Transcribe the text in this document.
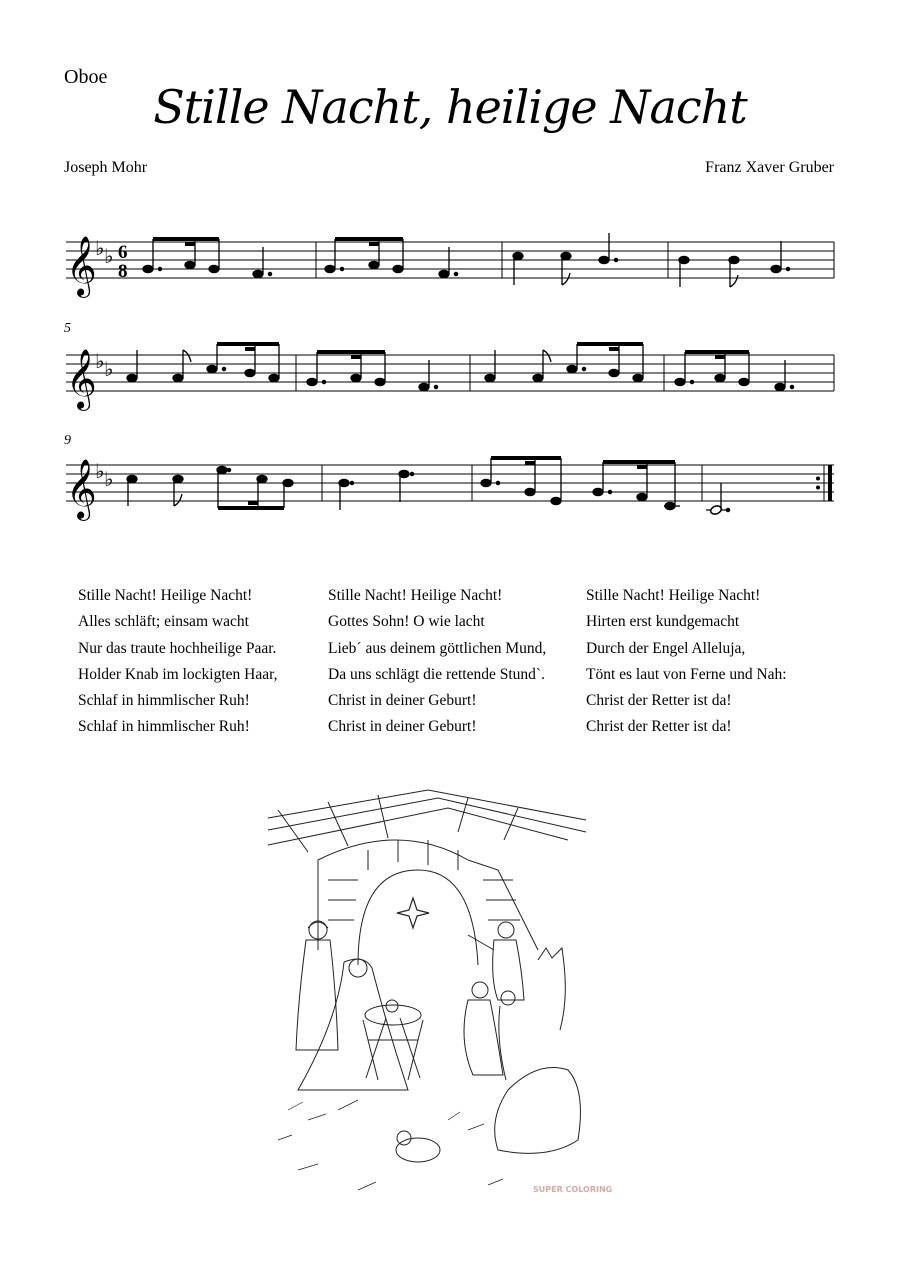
Oboe
Stille Nacht, heilige Nacht
Joseph Mohr	Franz Xaver Gruber
𝄞
♭ ♭ 6
8
5
𝄞
♭ ♭
9
𝄞
♭ ♭
Stille Nacht! Heilige Nacht!
Alles schläft; einsam wacht
Nur das traute hochheilige Paar.
Holder Knab im lockigten Haar,
Schlaf in himmlischer Ruh!
Schlaf in himmlischer Ruh!
Stille Nacht! Heilige Nacht!
Gottes Sohn! O wie lacht
Lieb´ aus deinem göttlichen Mund,
Da uns schlägt die rettende Stund`.
Christ in deiner Geburt!
Christ in deiner Geburt!
Stille Nacht! Heilige Nacht!
Hirten erst kundgemacht
Durch der Engel Alleluja,
Tönt es laut von Ferne und Nah:
Christ der Retter ist da!
Christ der Retter ist da!
SUPER COLORING
